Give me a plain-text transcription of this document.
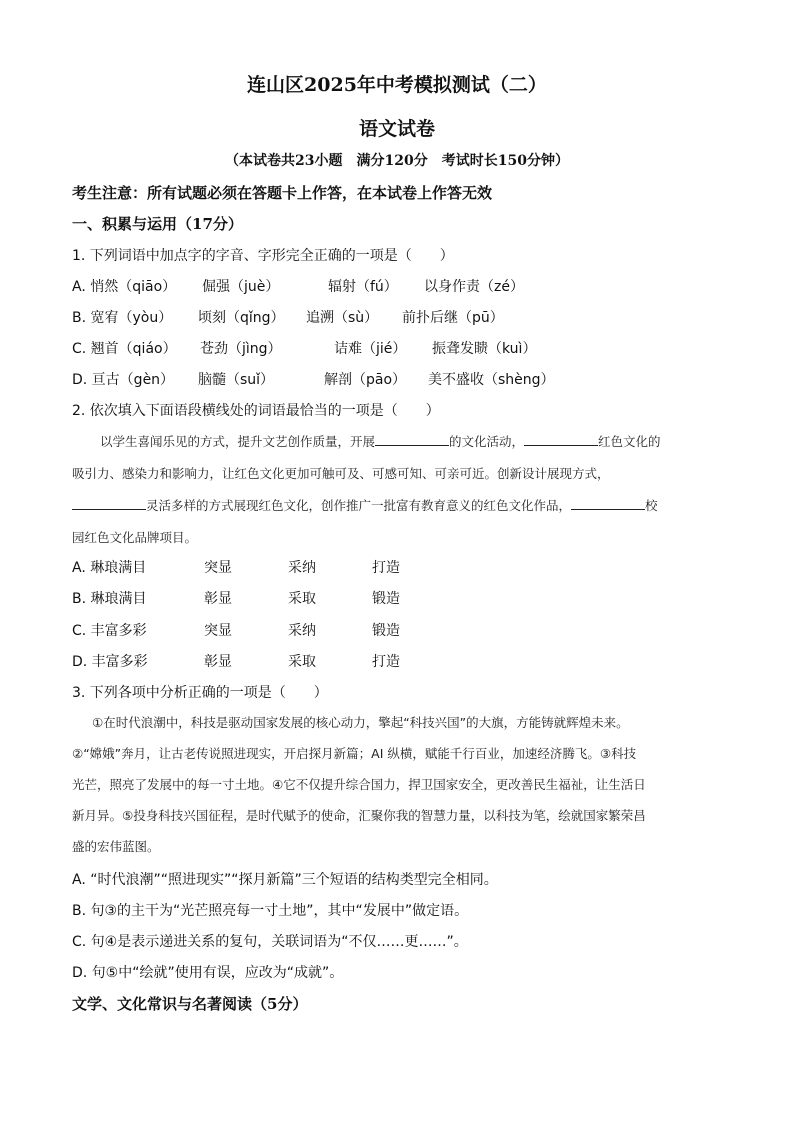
连山区2025年中考模拟测试（二）
语文试卷
（本试卷共23小题　满分120分　考试时长150分钟）
考生注意：所有试题必须在答题卡上作答，在本试卷上作答无效
一、积累与运用（17分）
1. 下列词语中加点字的字音、字形完全正确的一项是（　　）
A. 悄然（qiāo） 倔强（juè）	辐射（fú） 以身作责（zé）
B. 宽宥（yòu） 顷刻（qǐng） 追溯（sù） 前扑后继（pū）
C. 翘首（qiáo） 苍劲（jìng）	诘难（jié） 振聋发瞆（kuì）
D. 亘古（gèn） 脑髓（suǐ）	解剖（pāo） 美不盛收（shèng）
2. 依次填入下面语段横线处的词语最恰当的一项是（　　）
以学生喜闻乐见的方式，提升文艺创作质量，开展	的文化活动，	红色文化的
吸引力、感染力和影响力，让红色文化更加可触可及、可感可知、可亲可近。创新设计展现方式，
灵活多样的方式展现红色文化，创作推广一批富有教育意义的红色文化作品，	校
园红色文化品牌项目。
A. 琳琅满目	突显	采纳	打造
B. 琳琅满目	彰显	采取	锻造
C. 丰富多彩	突显	采纳	锻造
D. 丰富多彩	彰显	采取	打造
3. 下列各项中分析正确的一项是（　　）
①在时代浪潮中，科技是驱动国家发展的核心动力，擎起“科技兴国”的大旗，方能铸就辉煌未来。
②“嫦娥”奔月，让古老传说照进现实，开启探月新篇；AI 纵横，赋能千行百业，加速经济腾飞。③科技
光芒，照亮了发展中的每一寸土地。④它不仅提升综合国力，捍卫国家安全，更改善民生福祉，让生活日
新月异。⑤投身科技兴国征程，是时代赋予的使命，汇聚你我的智慧力量，以科技为笔，绘就国家繁荣昌
盛的宏伟蓝图。
A. “时代浪潮”“照进现实”“探月新篇”三个短语的结构类型完全相同。
B. 句③的主干为“光芒照亮每一寸土地”，其中“发展中”做定语。
C. 句④是表示递进关系的复句，关联词语为“不仅……更……”。
D. 句⑤中“绘就”使用有误，应改为“成就”。
文学、文化常识与名著阅读（5分）
